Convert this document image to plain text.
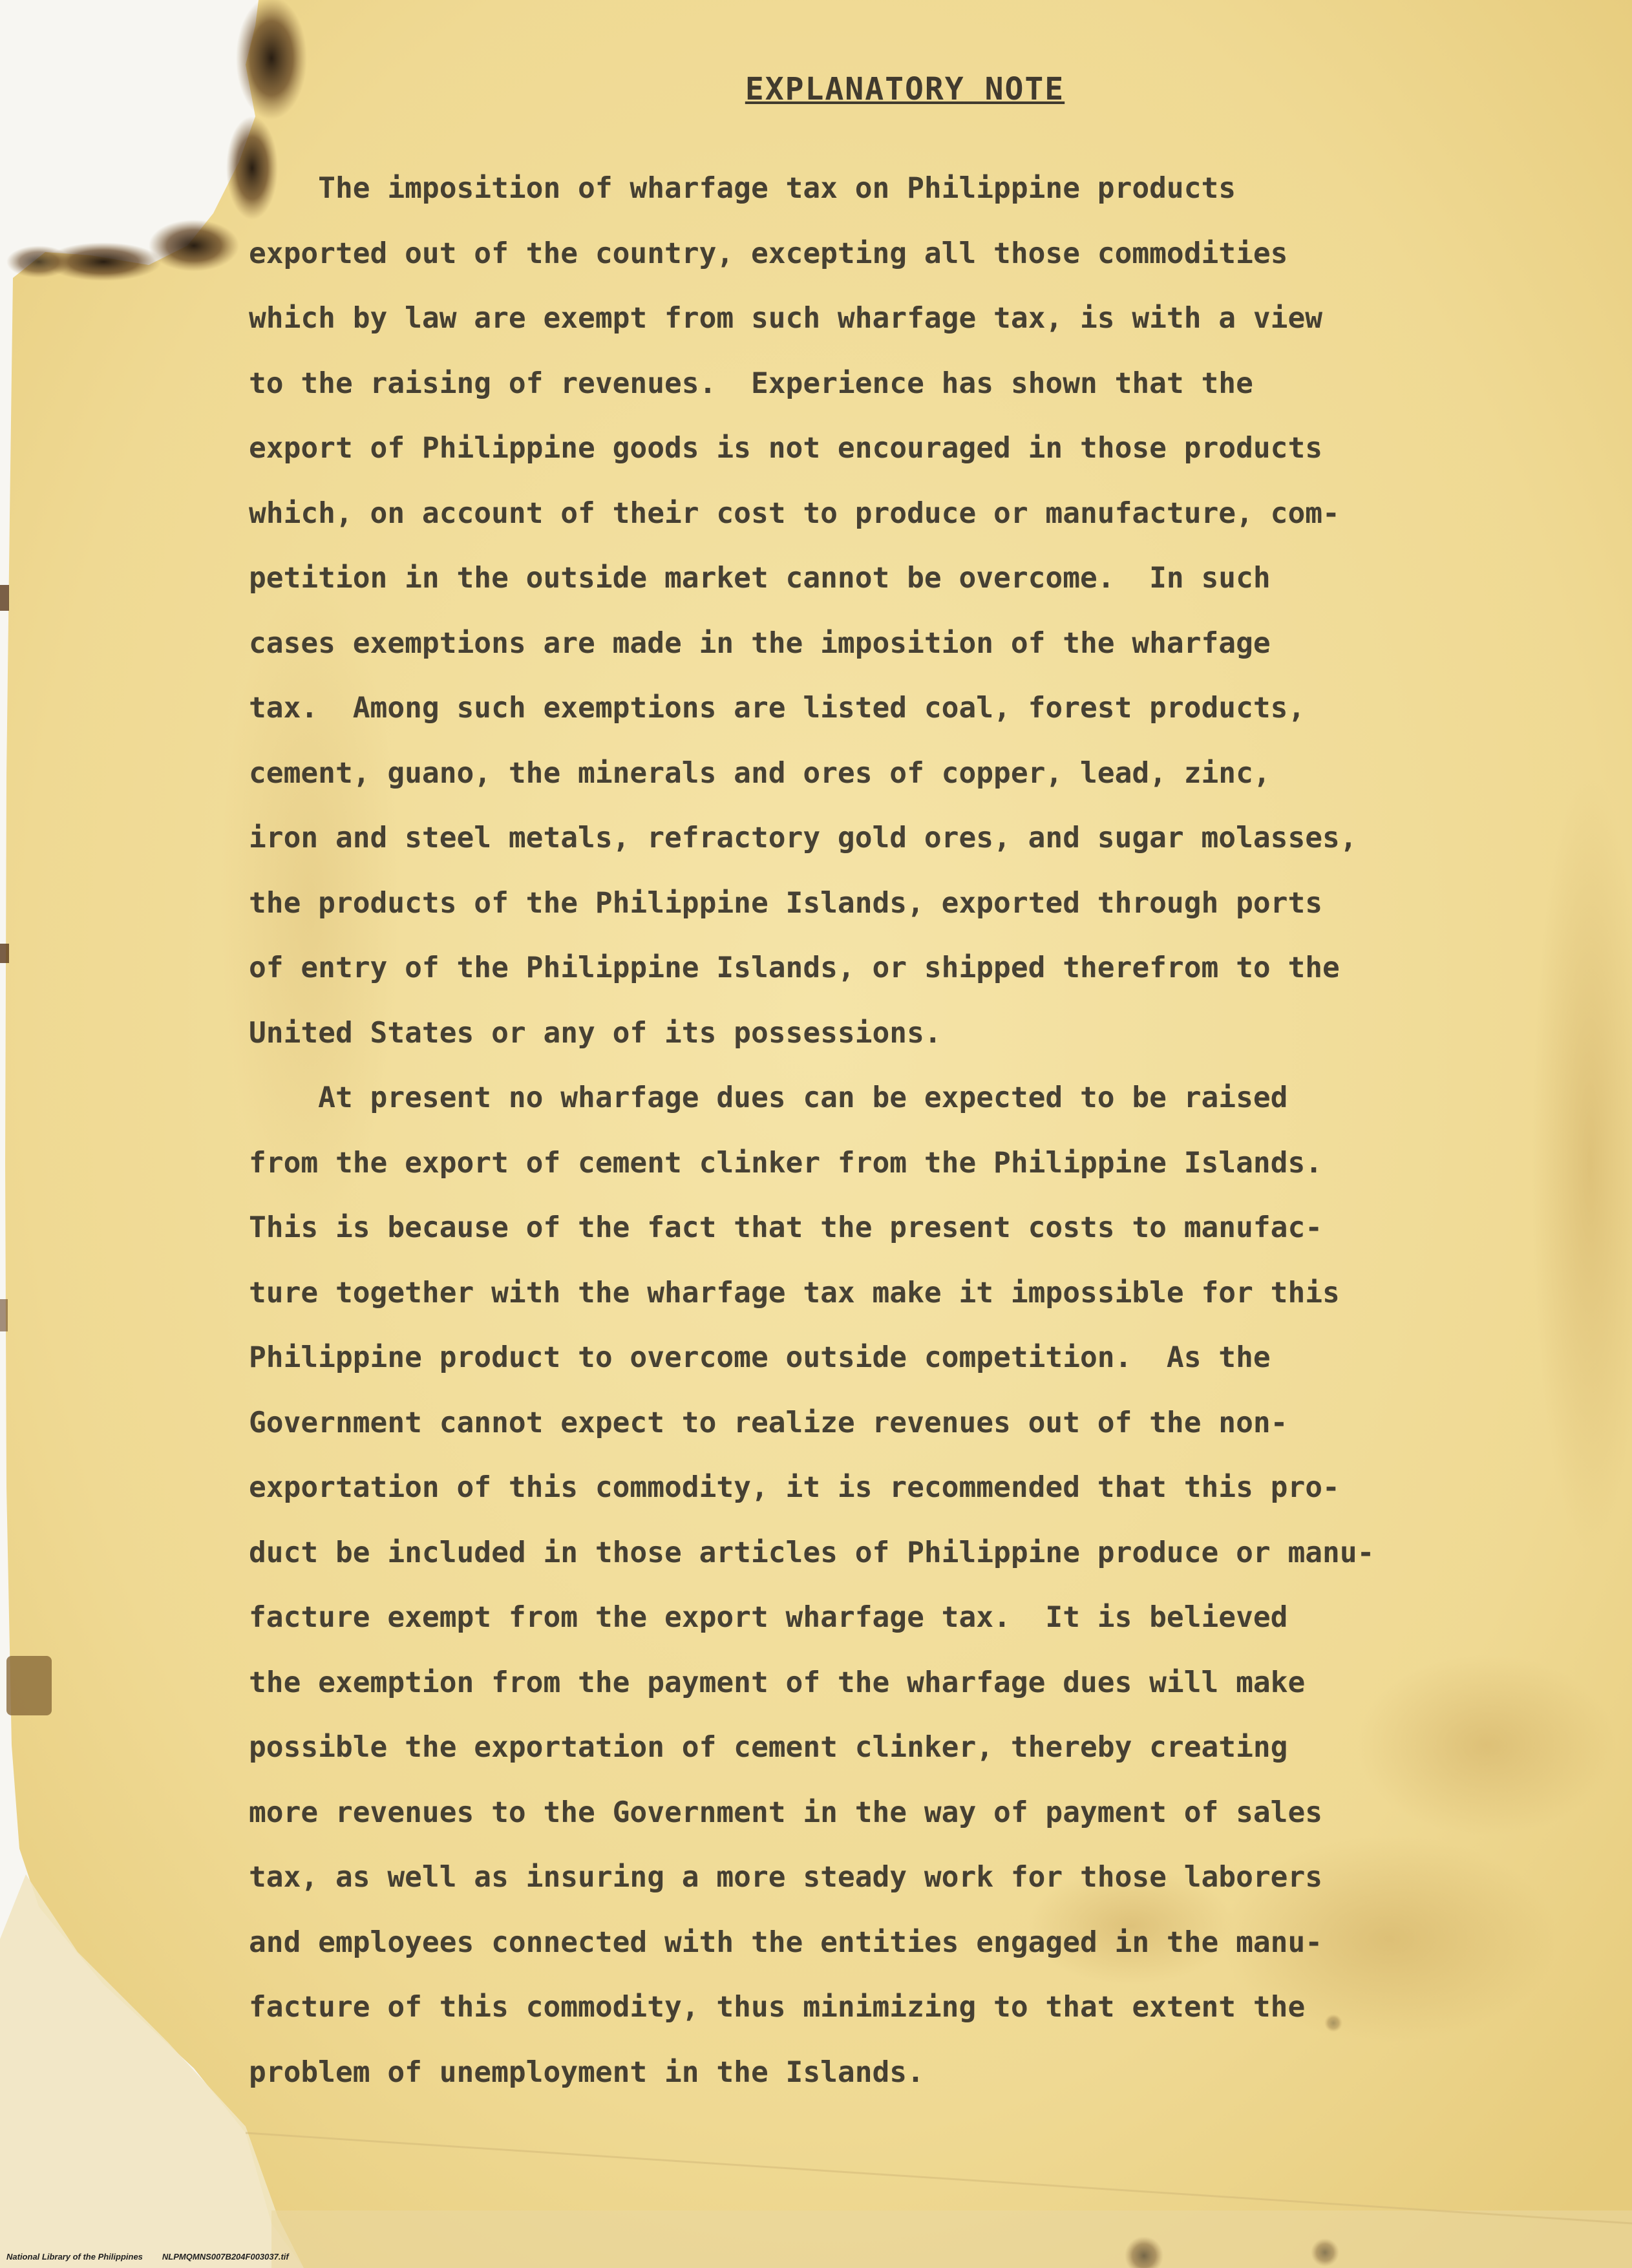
EXPLANATORY NOTE
The imposition of wharfage tax on Philippine products
exported out of the country, excepting all those commodities
which by law are exempt from such wharfage tax, is with a view
to the raising of revenues.  Experience has shown that the
export of Philippine goods is not encouraged in those products
which, on account of their cost to produce or manufacture, com-
petition in the outside market cannot be overcome.  In such
cases exemptions are made in the imposition of the wharfage
tax.  Among such exemptions are listed coal, forest products,
cement, guano, the minerals and ores of copper, lead, zinc,
iron and steel metals, refractory gold ores, and sugar molasses,
the products of the Philippine Islands, exported through ports
of entry of the Philippine Islands, or shipped therefrom to the
United States or any of its possessions.
At present no wharfage dues can be expected to be raised
from the export of cement clinker from the Philippine Islands.
This is because of the fact that the present costs to manufac-
ture together with the wharfage tax make it impossible for this
Philippine product to overcome outside competition.  As the
Government cannot expect to realize revenues out of the non-
exportation of this commodity, it is recommended that this pro-
duct be included in those articles of Philippine produce or manu-
facture exempt from the export wharfage tax.  It is believed
the exemption from the payment of the wharfage dues will make
possible the exportation of cement clinker, thereby creating
more revenues to the Government in the way of payment of sales
tax, as well as insuring a more steady work for those laborers
and employees connected with the entities engaged in the manu-
facture of this commodity, thus minimizing to that extent the
problem of unemployment in the Islands.
National Library of the Philippines NLPMQMNS007B204F003037.tif
